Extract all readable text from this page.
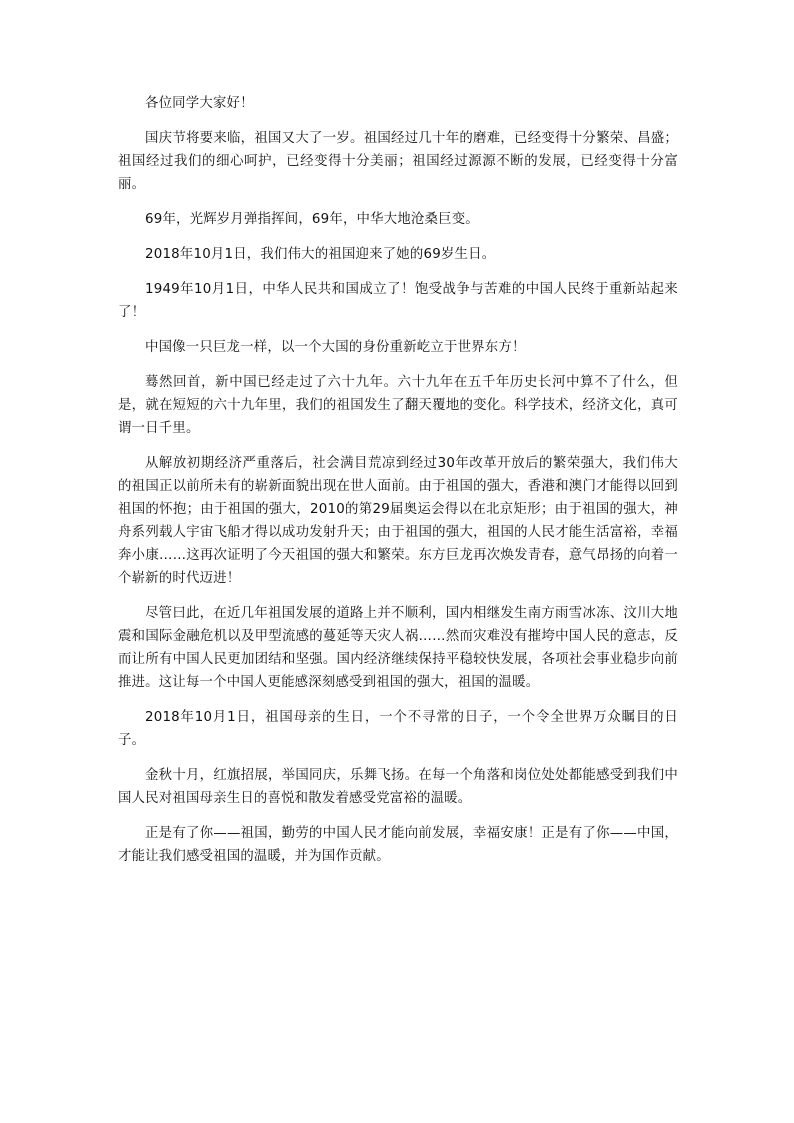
各位同学大家好！

国庆节将要来临，祖国又大了一岁。祖国经过几十年的磨难，已经变得十分繁荣、昌盛；祖国经过我们的细心呵护，已经变得十分美丽；祖国经过源源不断的发展，已经变得十分富丽。

69年，光辉岁月弹指挥间，69年，中华大地沧桑巨变。

2018年10月1日，我们伟大的祖国迎来了她的69岁生日。

1949年10月1日，中华人民共和国成立了！饱受战争与苦难的中国人民终于重新站起来了！

中国像一只巨龙一样，以一个大国的身份重新屹立于世界东方！

蓦然回首，新中国已经走过了六十九年。六十九年在五千年历史长河中算不了什么，但是，就在短短的六十九年里，我们的祖国发生了翻天覆地的变化。科学技术，经济文化，真可谓一日千里。

从解放初期经济严重落后，社会满目荒凉到经过30年改革开放后的繁荣强大，我们伟大的祖国正以前所未有的崭新面貌出现在世人面前。由于祖国的强大，香港和澳门才能得以回到祖国的怀抱；由于祖国的强大，2010的第29届奥运会得以在北京矩形；由于祖国的强大，神舟系列载人宇宙飞船才得以成功发射升天；由于祖国的强大，祖国的人民才能生活富裕，幸福奔小康……这再次证明了今天祖国的强大和繁荣。东方巨龙再次焕发青春，意气昂扬的向着一个崭新的时代迈进！

尽管曰此，在近几年祖国发展的道路上并不顺利，国内相继发生南方雨雪冰冻、汶川大地震和国际金融危机以及甲型流感的蔓延等天灾人祸……然而灾难没有摧垮中国人民的意志，反而让所有中国人民更加团结和坚强。国内经济继续保持平稳较快发展，各项社会事业稳步向前推进。这让每一个中国人更能感深刻感受到祖国的强大，祖国的温暖。

2018年10月1日，祖国母亲的生日，一个不寻常的日子，一个令全世界万众瞩目的日子。

金秋十月，红旗招展，举国同庆，乐舞飞扬。在每一个角落和岗位处处都能感受到我们中国人民对祖国母亲生日的喜悦和散发着感受党富裕的温暖。

正是有了你——祖国，勤劳的中国人民才能向前发展，幸福安康！正是有了你——中国，才能让我们感受祖国的温暖，并为国作贡献。
